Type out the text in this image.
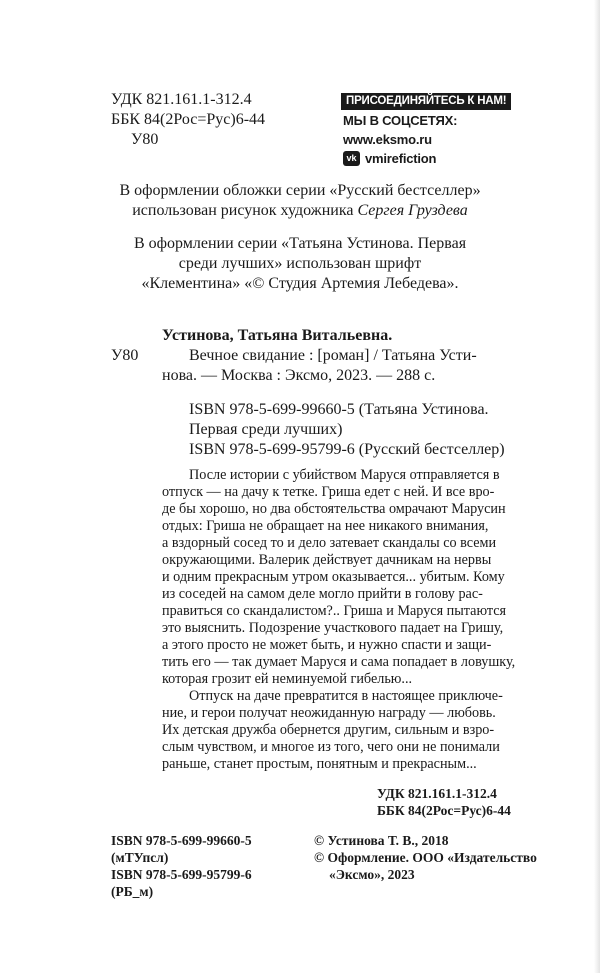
УДК 821.161.1-312.4
ББК 84(2Рос=Рус)6-44
У80
ПРИСОЕДИНЯЙТЕСЬ К НАМ!
МЫ В СОЦСЕТЯХ:
www.eksmo.ru
vk vmirefiction
В оформлении обложки серии «Русский бестселлер»
использован рисунок художника Сергея Груздева
В оформлении серии «Татьяна Устинова. Первая
среди лучших» использован шрифт
«Клементина» «© Студия Артемия Лебедева».
Устинова, Татьяна Витальевна.
У80	Вечное свидание : [роман] / Татьяна Усти-
нова. — Москва : Эксмо, 2023. — 288 с.
ISBN 978-5-699-99660-5 (Татьяна Устинова.
Первая среди лучших)
ISBN 978-5-699-95799-6 (Русский бестселлер)
После истории с убийством Маруся отправляется в
отпуск — на дачу к тетке. Гриша едет с ней. И все вро-
де бы хорошо, но два обстоятельства омрачают Марусин
отдых: Гриша не обращает на нее никакого внимания,
а вздорный сосед то и дело затевает скандалы со всеми
окружающими. Валерик действует дачникам на нервы
и одним прекрасным утром оказывается... убитым. Кому
из соседей на самом деле могло прийти в голову рас-
правиться со скандалистом?.. Гриша и Маруся пытаются
это выяснить. Подозрение участкового падает на Гришу,
а этого просто не может быть, и нужно спасти и защи-
тить его — так думает Маруся и сама попадает в ловушку,
которая грозит ей неминуемой гибелью...
Отпуск на даче превратится в настоящее приключе-
ние, и герои получат неожиданную награду — любовь.
Их детская дружба обернется другим, сильным и взро-
слым чувством, и многое из того, чего они не понимали
раньше, станет простым, понятным и прекрасным...
УДК 821.161.1-312.4
ББК 84(2Рос=Рус)6-44
ISBN 978-5-699-99660-5
(мТУпсл)
ISBN 978-5-699-95799-6
(РБ_м)
© Устинова Т. В., 2018
© Оформление. ООО «Издательство
«Эксмо», 2023
